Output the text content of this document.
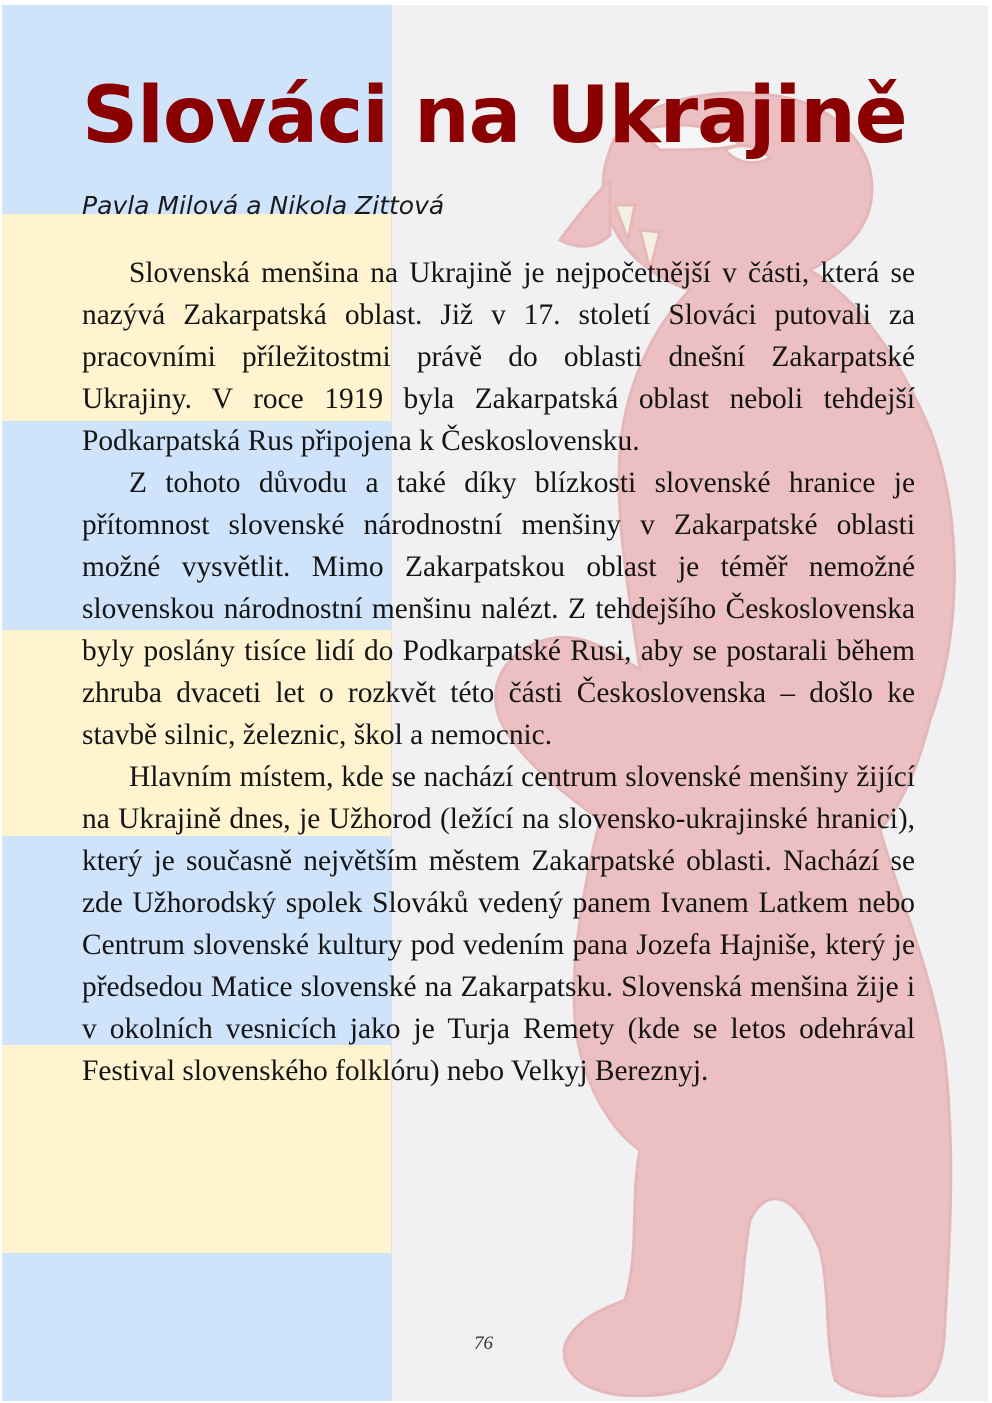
Slováci na Ukrajině

Pavla Milová a Nikola Zittová

Slovenská menšina na Ukrajině je nejpočetnější v části, která se nazývá Zakarpatská oblast. Již v 17. století Slováci putovali za pracovními příležitostmi právě do oblasti dnešní Zakarpatské Ukrajiny. V roce 1919 byla Zakarpatská oblast neboli tehdejší Podkarpatská Rus připojena k Československu.

Z tohoto důvodu a také díky blízkosti slovenské hranice je přítomnost slovenské národnostní menšiny v Zakarpatské oblasti možné vysvětlit. Mimo Zakarpatskou oblast je téměř nemožné slovenskou národnostní menšinu nalézt. Z tehdejšího Československa byly poslány tisíce lidí do Podkarpatské Rusi, aby se postarali během zhruba dvaceti let o rozkvět této části Československa – došlo ke stavbě silnic, železnic, škol a nemocnic.

Hlavním místem, kde se nachází centrum slovenské menšiny žijící na Ukrajině dnes, je Užhorod (ležící na slovensko-ukrajinské hranici), který je současně největším městem Zakarpatské oblasti. Nachází se zde Užhorodský spolek Slováků vedený panem Ivanem Latkem nebo Centrum slovenské kultury pod vedením pana Jozefa Hajniše, který je předsedou Matice slovenské na Zakarpatsku. Slovenská menšina žije i v okolních vesnicích jako je Turja Remety (kde se letos odehrával Festival slovenského folklóru) nebo Velkyj Bereznyj.

76
